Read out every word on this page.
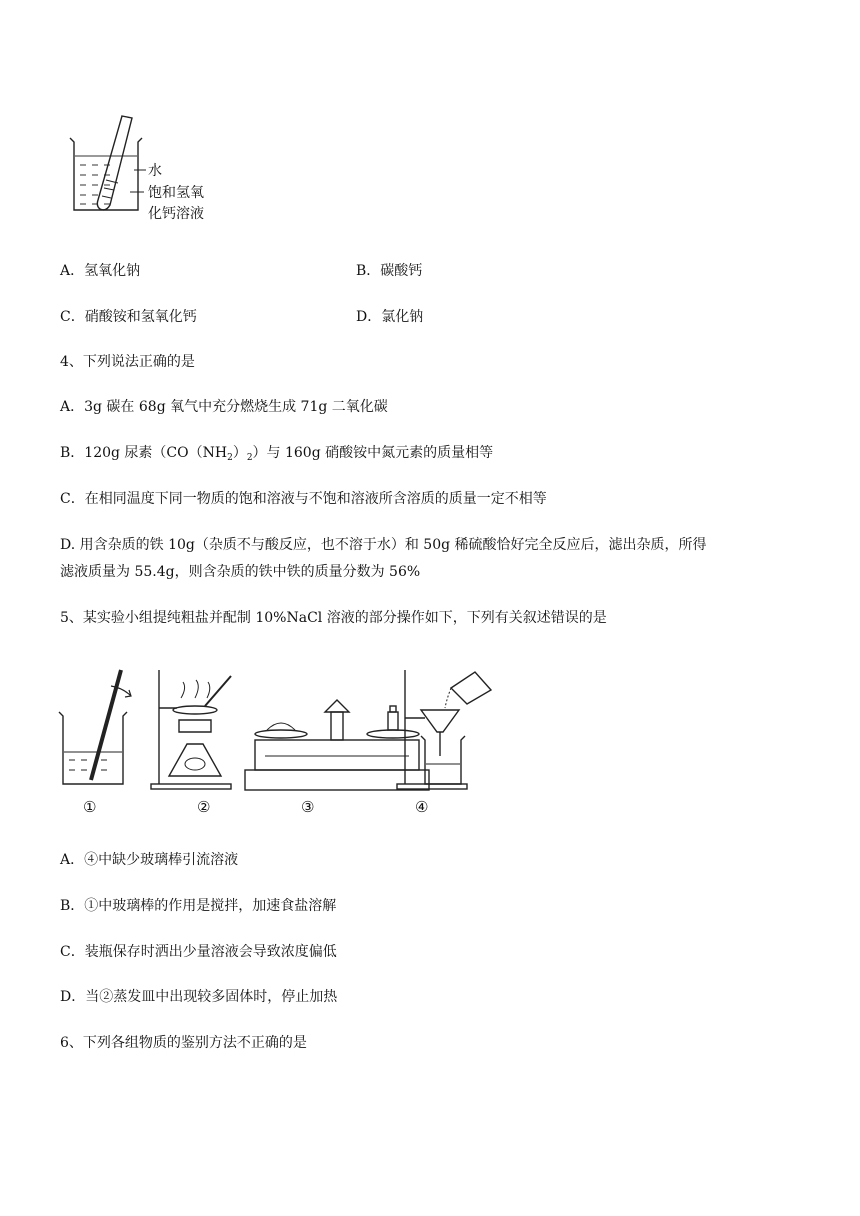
水
饱和氢氧
化钙溶液
A．氢氧化钠	B．碳酸钙
C．硝酸铵和氢氧化钙	D．氯化钠
4、下列说法正确的是
A．3g 碳在 68g 氧气中充分燃烧生成 71g 二氧化碳
B．120g 尿素$(CO(NH_2)_2)$与 160g 硝酸铵中氮元素的质量相等
C．在相同温度下同一物质的饱和溶液与不饱和溶液所含溶质的质量一定不相等
D. 用含杂质的铁 10g（杂质不与酸反应，也不溶于水）和 50g 稀硫酸恰好完全反应后，滤出杂质，所得
滤液质量为 55.4g，则含杂质的铁中铁的质量分数为 56%
5、某实验小组提纯粗盐并配制 10%NaCl 溶液的部分操作如下，下列有关叙述错误的是
①	②	③	④
A．④中缺少玻璃棒引流溶液
B．①中玻璃棒的作用是搅拌，加速食盐溶解
C．装瓶保存时洒出少量溶液会导致浓度偏低
D．当②蒸发皿中出现较多固体时，停止加热
6、下列各组物质的鉴别方法不正确的是
